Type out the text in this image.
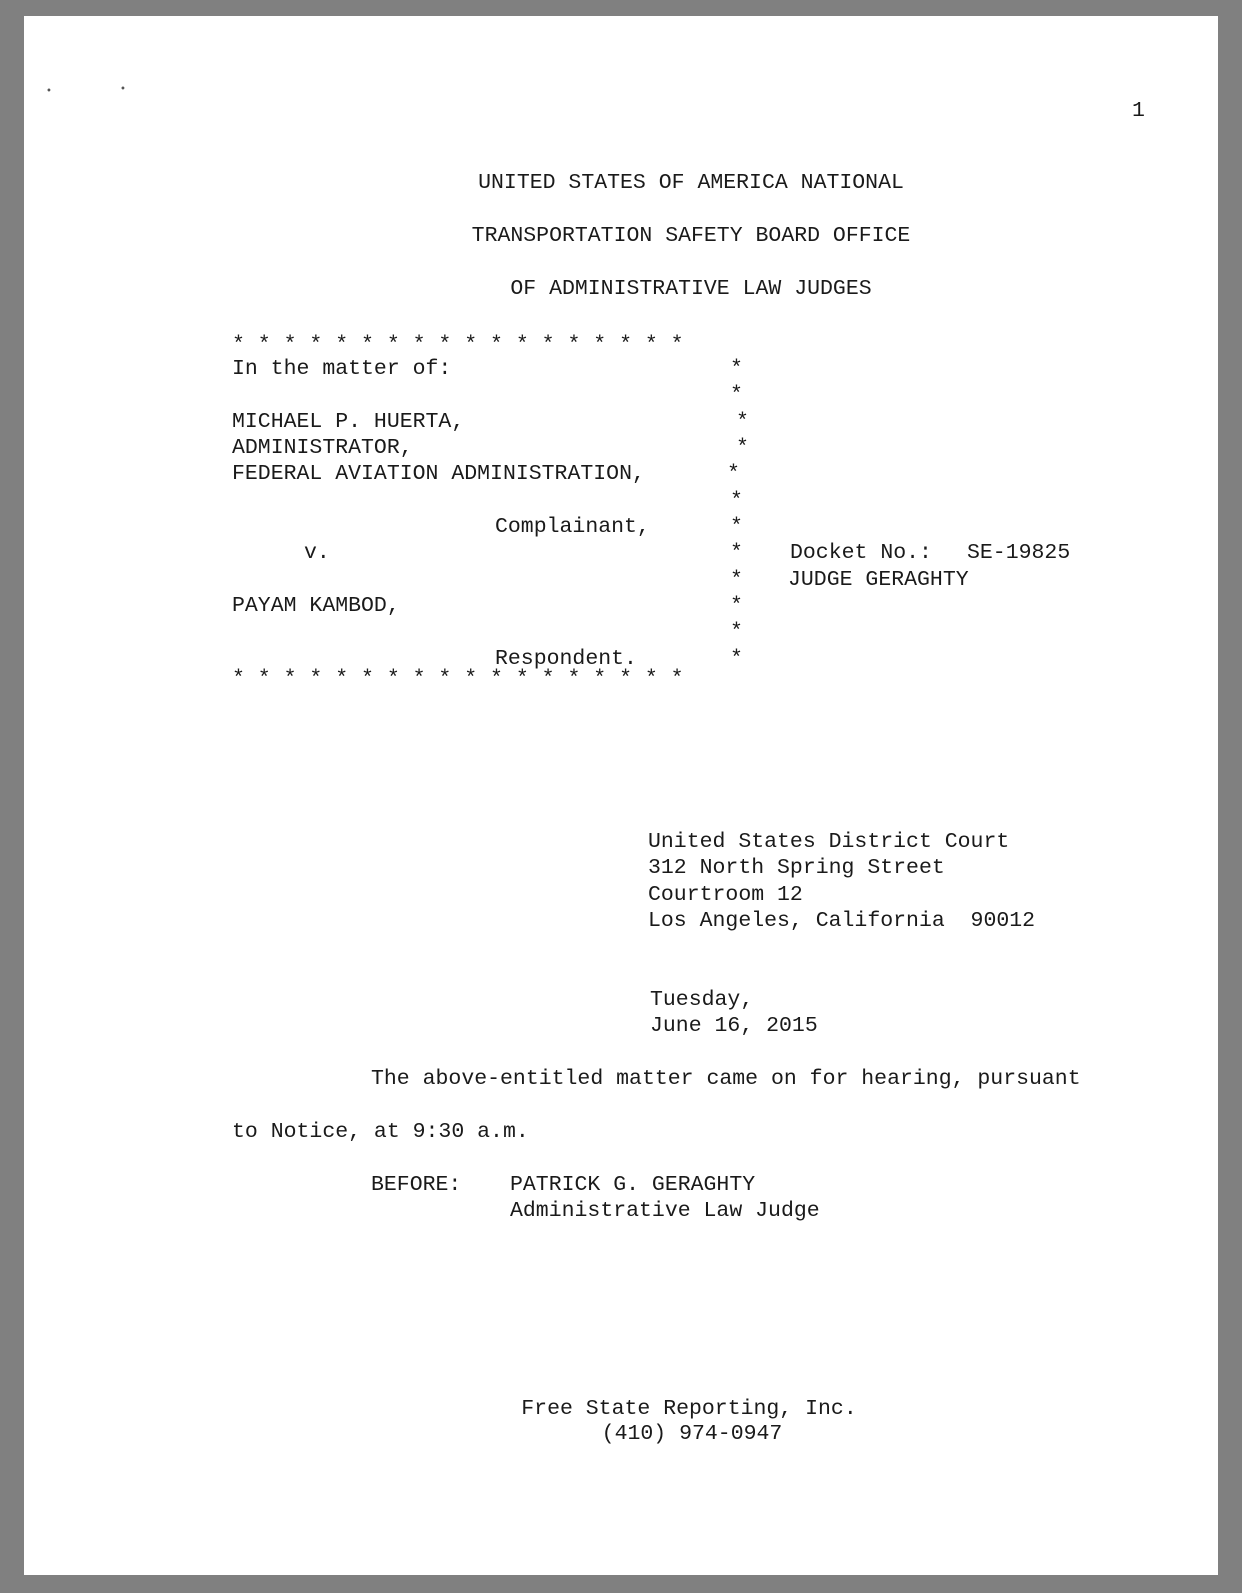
•	•
1
UNITED STATES OF AMERICA NATIONAL
TRANSPORTATION SAFETY BOARD OFFICE
OF ADMINISTRATIVE LAW JUDGES
* * * * * * * * * * * * * * * * * *
In the matter of:
MICHAEL P. HUERTA,
ADMINISTRATOR,
FEDERAL AVIATION ADMINISTRATION,
Complainant,
v.
PAYAM KAMBOD,
Respondent.
* * * * * * * * * * * * * * * * * *
*
*
*
*
*
*
*
*
*
*
*
*
Docket No.: SE-19825
JUDGE GERAGHTY
United States District Court
312 North Spring Street
Courtroom 12
Los Angeles, California  90012
Tuesday,
June 16, 2015
The above-entitled matter came on for hearing, pursuant
to Notice, at 9:30 a.m.
BEFORE: PATRICK G. GERAGHTY
Administrative Law Judge
Free State Reporting, Inc.
(410) 974-0947
